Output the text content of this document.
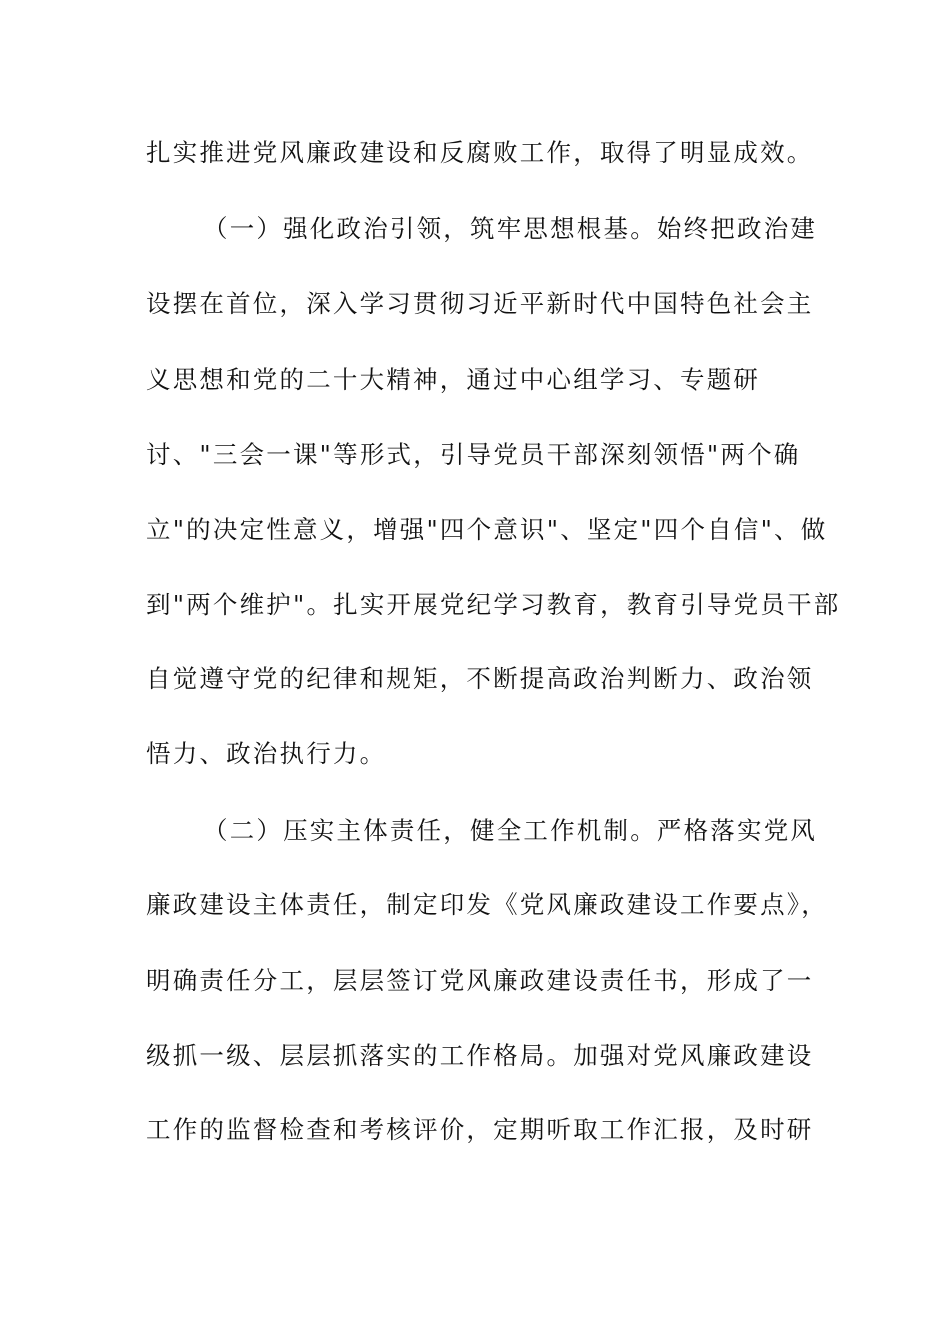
扎实推进党风廉政建设和反腐败工作，取得了明显成效。
（一）强化政治引领，筑牢思想根基。始终把政治建
设摆在首位，深入学习贯彻习近平新时代中国特色社会主
义思想和党的二十大精神，通过中心组学习、专题研
讨、"三会一课"等形式，引导党员干部深刻领悟"两个确
立"的决定性意义，增强"四个意识"、坚定"四个自信"、做
到"两个维护"。扎实开展党纪学习教育，教育引导党员干部
自觉遵守党的纪律和规矩，不断提高政治判断力、政治领
悟力、政治执行力。
（二）压实主体责任，健全工作机制。严格落实党风
廉政建设主体责任，制定印发《党风廉政建设工作要点》，
明确责任分工，层层签订党风廉政建设责任书，形成了一
级抓一级、层层抓落实的工作格局。加强对党风廉政建设
工作的监督检查和考核评价，定期听取工作汇报，及时研
